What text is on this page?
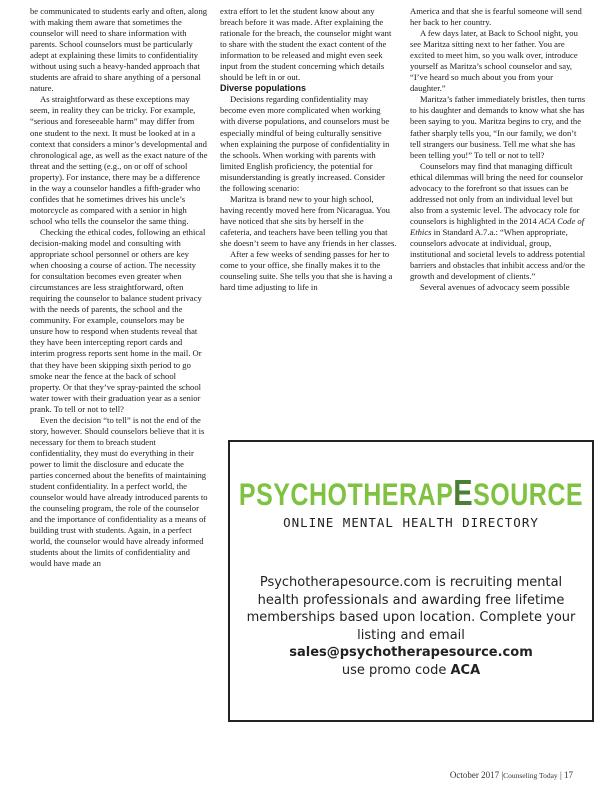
be communicated to students early and often, along with making them aware that sometimes the counselor will need to share information with parents. School counselors must be particularly adept at explaining these limits to confidentiality without using such a heavy-handed approach that students are afraid to share anything of a personal nature.

As straightforward as these exceptions may seem, in reality they can be tricky. For example, “serious and foreseeable harm” may differ from one student to the next. It must be looked at in a context that considers a minor’s developmental and chronological age, as well as the exact nature of the threat and the setting (e.g., on or off of school property). For instance, there may be a difference in the way a counselor handles a fifth-grader who confides that he sometimes drives his uncle’s motorcycle as compared with a senior in high school who tells the counselor the same thing.

Checking the ethical codes, following an ethical decision-making model and consulting with appropriate school personnel or others are key when choosing a course of action. The necessity for consultation becomes even greater when circumstances are less straightforward, often requiring the counselor to balance student privacy with the needs of parents, the school and the community. For example, counselors may be unsure how to respond when students reveal that they have been intercepting report cards and interim progress reports sent home in the mail. Or that they have been skipping sixth period to go smoke near the fence at the back of school property. Or that they’ve spray-painted the school water tower with their graduation year as a senior prank. To tell or not to tell?

Even the decision “to tell” is not the end of the story, however. Should counselors believe that it is necessary for them to breach student confidentiality, they must do everything in their power to limit the disclosure and educate the parties concerned about the benefits of maintaining student confidentiality. In a perfect world, the counselor would have already introduced parents to the counseling program, the role of the counselor and the importance of confidentiality as a means of building trust with students. Again, in a perfect world, the counselor would have already informed students about the limits of confidentiality and would have made an

extra effort to let the student know about any breach before it was made. After explaining the rationale for the breach, the counselor might want to share with the student the exact content of the information to be released and might even seek input from the student concerning which details should be left in or out.

Diverse populations

Decisions regarding confidentiality may become even more complicated when working with diverse populations, and counselors must be especially mindful of being culturally sensitive when explaining the purpose of confidentiality in the schools. When working with parents with limited English proficiency, the potential for misunderstanding is greatly increased. Consider the following scenario:

Maritza is brand new to your high school, having recently moved here from Nicaragua. You have noticed that she sits by herself in the cafeteria, and teachers have been telling you that she doesn’t seem to have any friends in her classes.

After a few weeks of sending passes for her to come to your office, she finally makes it to the counseling suite. She tells you that she is having a hard time adjusting to life in

America and that she is fearful someone will send her back to her country.

A few days later, at Back to School night, you see Maritza sitting next to her father. You are excited to meet him, so you walk over, introduce yourself as Maritza’s school counselor and say, “I’ve heard so much about you from your daughter.”

Maritza’s father immediately bristles, then turns to his daughter and demands to know what she has been saying to you. Maritza begins to cry, and the father sharply tells you, “In our family, we don’t tell strangers our business. Tell me what she has been telling you!” To tell or not to tell?

Counselors may find that managing difficult ethical dilemmas will bring the need for counselor advocacy to the forefront so that issues can be addressed not only from an individual level but also from a systemic level. The advocacy role for counselors is highlighted in the 2014 ACA Code of Ethics in Standard A.7.a.: “When appropriate, counselors advocate at individual, group, institutional and societal levels to address potential barriers and obstacles that inhibit access and/or the growth and development of clients.”

Several avenues of advocacy seem possible

PSYCHOTHERAPESOURCE
ONLINE MENTAL HEALTH DIRECTORY
Psychotherapesource.com is recruiting mental health professionals and awarding free lifetime memberships based upon location. Complete your listing and email
sales@psychotherapesource.com
use promo code ACA
October 2017 |Counseling Today | 17
